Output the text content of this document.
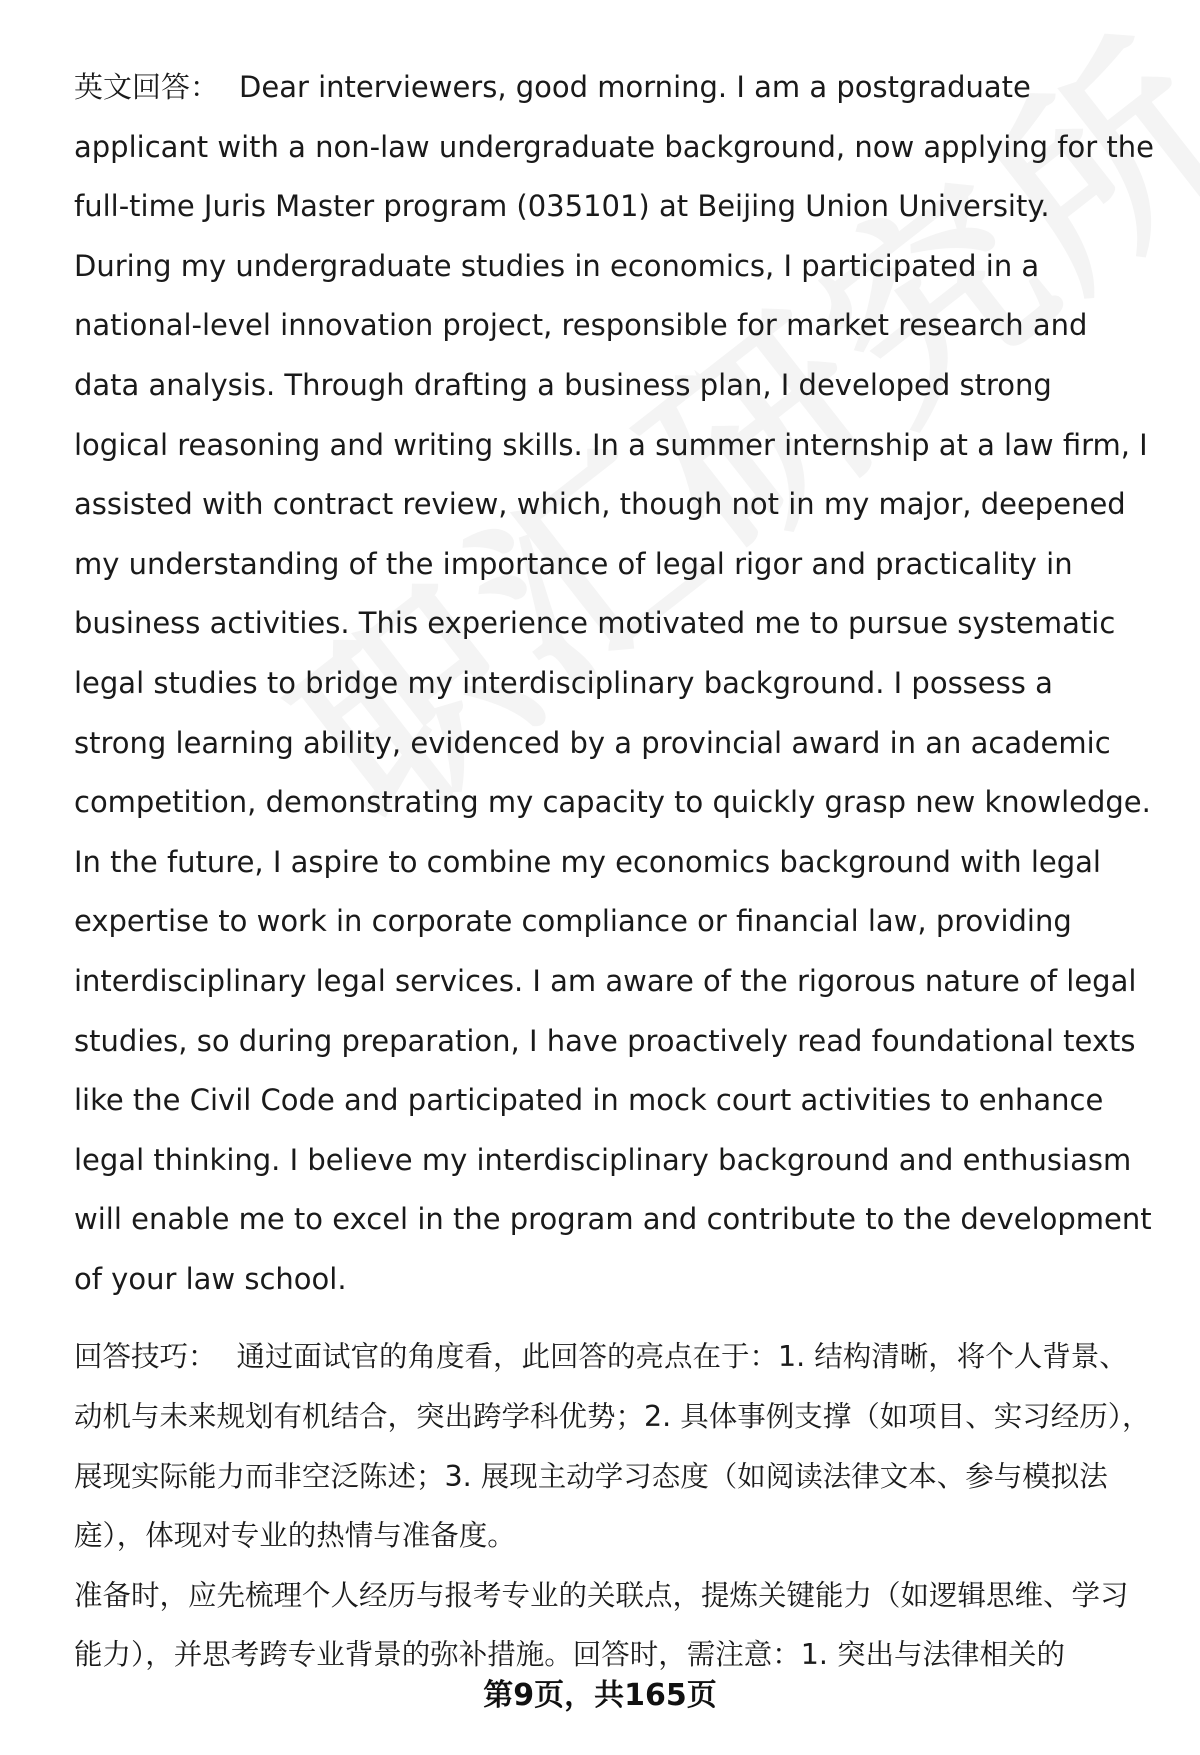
英文回答： Dear interviewers, good morning. I am a postgraduate applicant with a non-law undergraduate background, now applying for the full-time Juris Master program (035101) at Beijing Union University. During my undergraduate studies in economics, I participated in a national-level innovation project, responsible for market research and data analysis. Through drafting a business plan, I developed strong logical reasoning and writing skills. In a summer internship at a law firm, I assisted with contract review, which, though not in my major, deepened my understanding of the importance of legal rigor and practicality in business activities. This experience motivated me to pursue systematic legal studies to bridge my interdisciplinary background. I possess a strong learning ability, evidenced by a provincial award in an academic competition, demonstrating my capacity to quickly grasp new knowledge. In the future, I aspire to combine my economics background with legal expertise to work in corporate compliance or financial law, providing interdisciplinary legal services. I am aware of the rigorous nature of legal studies, so during preparation, I have proactively read foundational texts like the Civil Code and participated in mock court activities to enhance legal thinking. I believe my interdisciplinary background and enthusiasm will enable me to excel in the program and contribute to the development of your law school.

回答技巧： 通过面试官的角度看，此回答的亮点在于：1. 结构清晰，将个人背景、动机与未来规划有机结合，突出跨学科优势；2. 具体事例支撑（如项目、实习经历），展现实际能力而非空泛陈述；3. 展现主动学习态度（如阅读法律文本、参与模拟法庭），体现对专业的热情与准备度。

准备时，应先梳理个人经历与报考专业的关联点，提炼关键能力（如逻辑思维、学习能力），并思考跨专业背景的弥补措施。回答时，需注意：1. 突出与法律相关的

第9页，共165页
